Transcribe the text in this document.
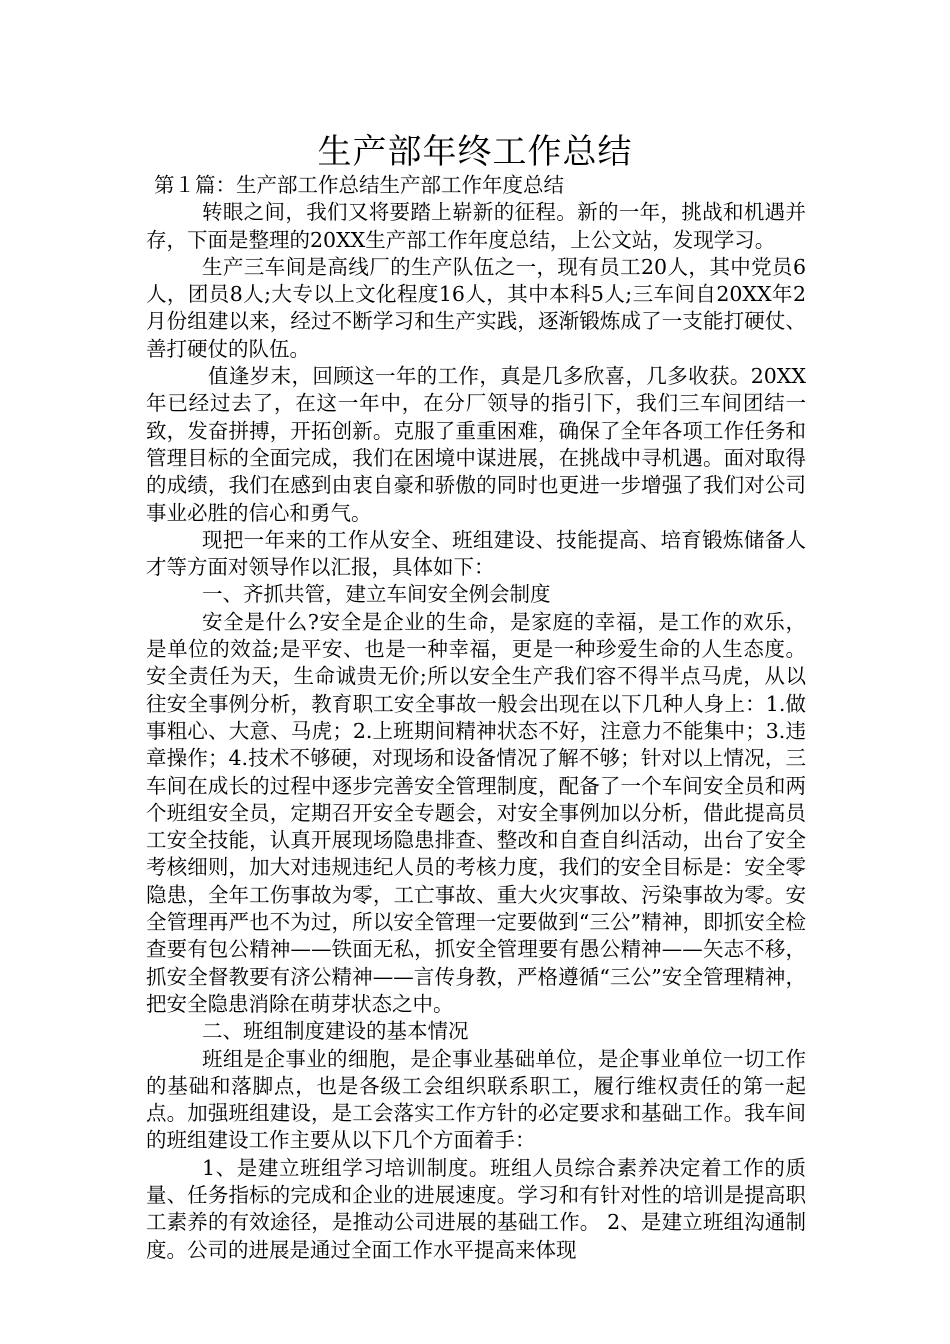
生产部年终工作总结

第１篇：生产部工作总结生产部工作年度总结

转眼之间，我们又将要踏上崭新的征程。新的一年，挑战和机遇并存，下面是整理的20XX生产部工作年度总结，上公文站，发现学习。

生产三车间是高线厂的生产队伍之一，现有员工20人，其中党员6人，团员8人;大专以上文化程度16人，其中本科5人;三车间自20XX年2月份组建以来，经过不断学习和生产实践，逐渐锻炼成了一支能打硬仗、善打硬仗的队伍。

值逢岁末，回顾这一年的工作，真是几多欣喜，几多收获。20XX年已经过去了，在这一年中，在分厂领导的指引下，我们三车间团结一致，发奋拼搏，开拓创新。克服了重重困难，确保了全年各项工作任务和管理目标的全面完成，我们在困境中谋进展，在挑战中寻机遇。面对取得的成绩，我们在感到由衷自豪和骄傲的同时也更进一步增强了我们对公司事业必胜的信心和勇气。

现把一年来的工作从安全、班组建设、技能提高、培育锻炼储备人才等方面对领导作以汇报，具体如下：

一、齐抓共管，建立车间安全例会制度

安全是什么?安全是企业的生命，是家庭的幸福，是工作的欢乐，是单位的效益;是平安、也是一种幸福，更是一种珍爱生命的人生态度。安全责任为天，生命诚贵无价;所以安全生产我们容不得半点马虎，从以往安全事例分析，教育职工安全事故一般会出现在以下几种人身上：1.做事粗心、大意、马虎；2.上班期间精神状态不好，注意力不能集中；3.违章操作；4.技术不够硬，对现场和设备情况了解不够；针对以上情况，三车间在成长的过程中逐步完善安全管理制度，配备了一个车间安全员和两个班组安全员，定期召开安全专题会，对安全事例加以分析，借此提高员工安全技能，认真开展现场隐患排查、整改和自查自纠活动，出台了安全考核细则，加大对违规违纪人员的考核力度，我们的安全目标是：安全零隐患，全年工伤事故为零，工亡事故、重大火灾事故、污染事故为零。安全管理再严也不为过，所以安全管理一定要做到“三公”精神，即抓安全检查要有包公精神——铁面无私，抓安全管理要有愚公精神——矢志不移，抓安全督教要有济公精神——言传身教，严格遵循“三公”安全管理精神，把安全隐患消除在萌芽状态之中。

二、班组制度建设的基本情况

班组是企事业的细胞，是企事业基础单位，是企事业单位一切工作的基础和落脚点，也是各级工会组织联系职工，履行维权责任的第一起点。加强班组建设，是工会落实工作方针的必定要求和基础工作。我车间的班组建设工作主要从以下几个方面着手：

1、是建立班组学习培训制度。班组人员综合素养决定着工作的质量、任务指标的完成和企业的进展速度。学习和有针对性的培训是提高职工素养的有效途径，是推动公司进展的基础工作。 2、是建立班组沟通制度。公司的进展是通过全面工作水平提高来体现
